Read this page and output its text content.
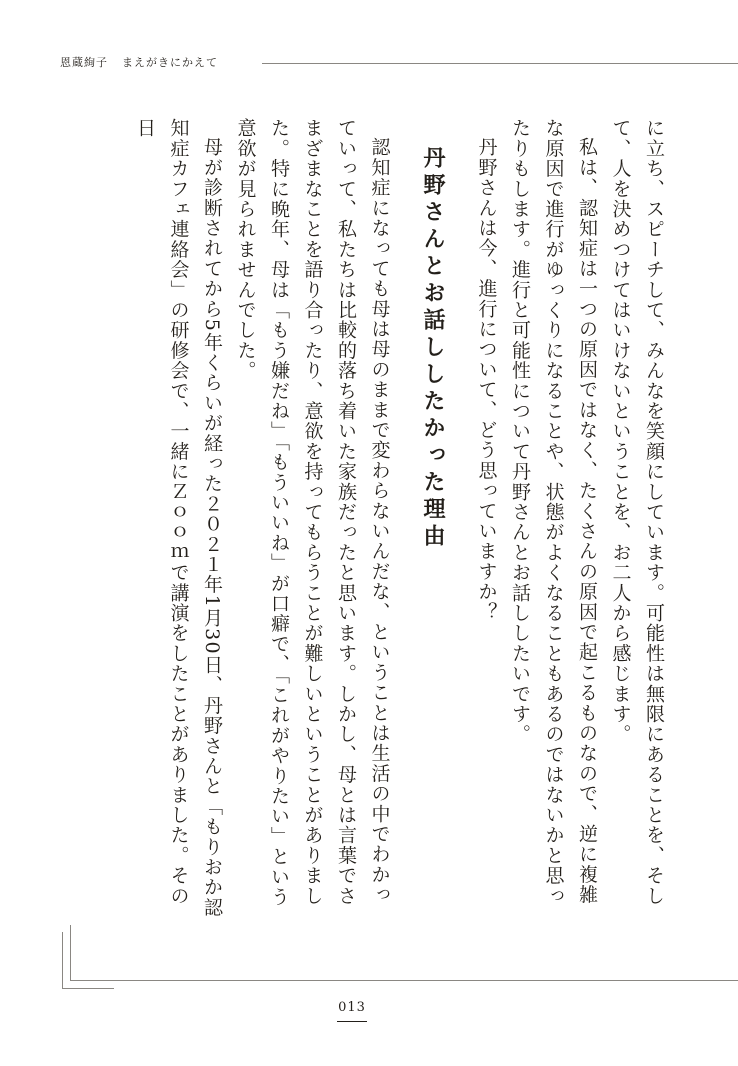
恩蔵絢子 まえがきにかえて

に立ち、スピーチして、みんなを笑顔にしています。可能性は無限にあることを、そして、人を決めつけてはいけないということを、お二人から感じます。

私は、認知症は一つの原因ではなく、たくさんの原因で起こるものなので、逆に複雑な原因で進行がゆっくりになることや、状態がよくなることもあるのではないかと思ったりもします。進行と可能性について丹野さんとお話ししたいです。

丹野さんは今、進行について、どう思っていますか？

丹野さんとお話ししたかった理由

認知症になっても母は母のままで変わらないんだな、ということは生活の中でわかっていって、私たちは比較的落ち着いた家族だったと思います。しかし、母とは言葉でさまざまなことを語り合ったり、意欲を持ってもらうことが難しいということがありました。特に晩年、母は「もう嫌だね」「もういいね」が口癖で、「これがやりたい」という意欲が見られませんでした。

母が診断されてから5年くらいが経った２０２１年1月30日、丹野さんと「もりおか認知症カフェ連絡会」の研修会で、一緒にＺｏｏｍで講演をしたことがありました。その日

013
